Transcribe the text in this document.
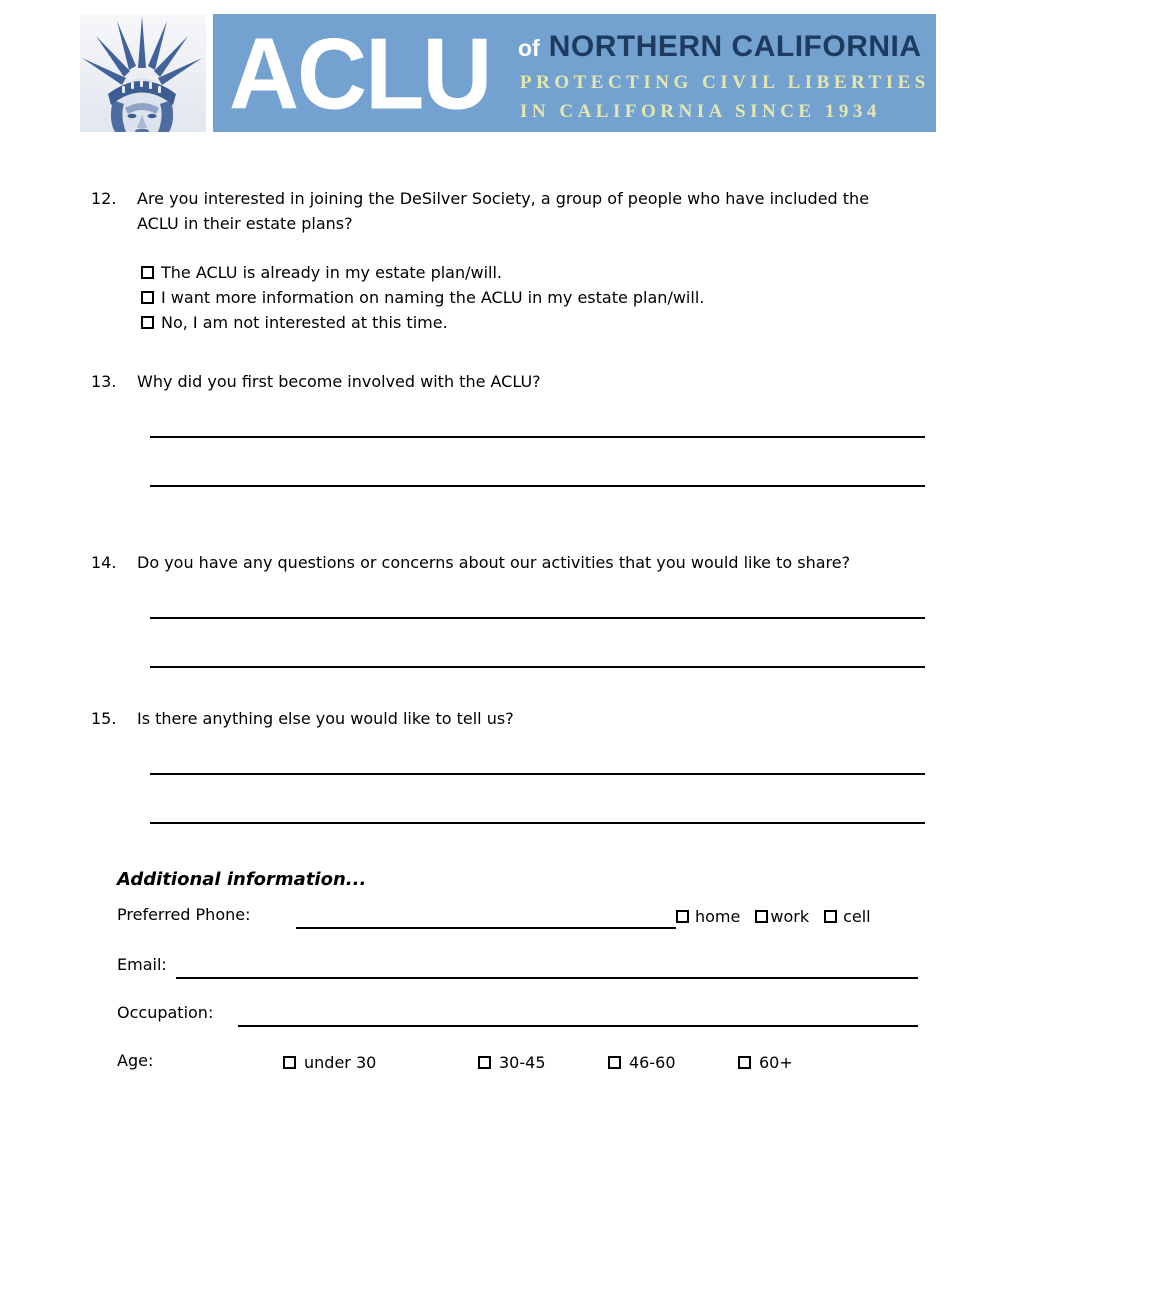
ACLU of NORTHERN CALIFORNIA
PROTECTING CIVIL LIBERTIES
IN CALIFORNIA SINCE 1934
12. Are you interested in joining the DeSilver Society, a group of people who have included the
ACLU in their estate plans?
The ACLU is already in my estate plan/will.
I want more information on naming the ACLU in my estate plan/will.
No, I am not interested at this time.
13. Why did you first become involved with the ACLU?
14. Do you have any questions or concerns about our activities that you would like to share?
15. Is there anything else you would like to tell us?
Additional information...
Preferred Phone:	home work cell
Email:
Occupation:
Age:	under 30	30-45	46-60	60+
